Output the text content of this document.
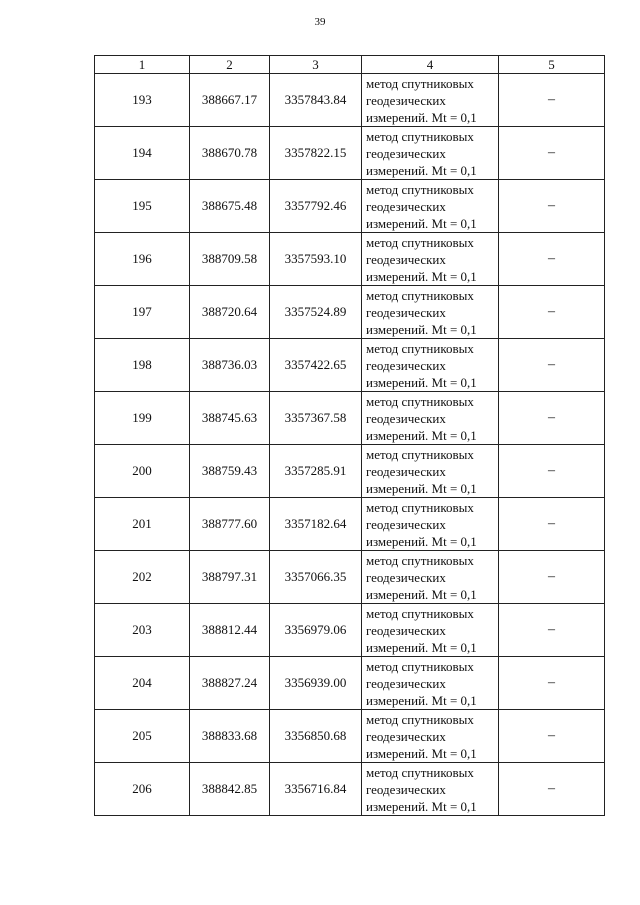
39
1	2	3	4	5
193	388667.17	3357843.84	метод спутниковых
геодезических
измерений. Mt = 0,1	–
194	388670.78	3357822.15	метод спутниковых
геодезических
измерений. Mt = 0,1	–
195	388675.48	3357792.46	метод спутниковых
геодезических
измерений. Mt = 0,1	–
196	388709.58	3357593.10	метод спутниковых
геодезических
измерений. Mt = 0,1	–
197	388720.64	3357524.89	метод спутниковых
геодезических
измерений. Mt = 0,1	–
198	388736.03	3357422.65	метод спутниковых
геодезических
измерений. Mt = 0,1	–
199	388745.63	3357367.58	метод спутниковых
геодезических
измерений. Mt = 0,1	–
200	388759.43	3357285.91	метод спутниковых
геодезических
измерений. Mt = 0,1	–
201	388777.60	3357182.64	метод спутниковых
геодезических
измерений. Mt = 0,1	–
202	388797.31	3357066.35	метод спутниковых
геодезических
измерений. Mt = 0,1	–
203	388812.44	3356979.06	метод спутниковых
геодезических
измерений. Mt = 0,1	–
204	388827.24	3356939.00	метод спутниковых
геодезических
измерений. Mt = 0,1	–
205	388833.68	3356850.68	метод спутниковых
геодезических
измерений. Mt = 0,1	–
206	388842.85	3356716.84	метод спутниковых
геодезических
измерений. Mt = 0,1	–
